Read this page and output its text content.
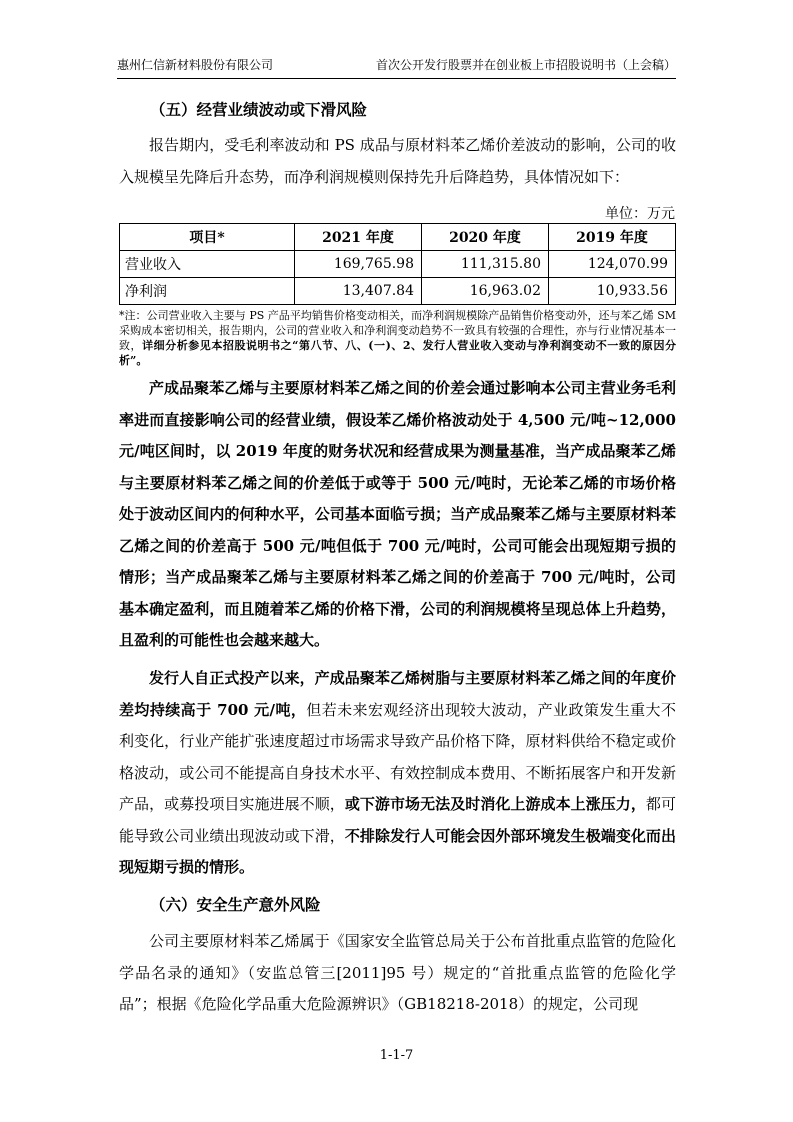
惠州仁信新材料股份有限公司	首次公开发行股票并在创业板上市招股说明书（上会稿）
（五）经营业绩波动或下滑风险

报告期内，受毛利率波动和 PS 成品与原材料苯乙烯价差波动的影响，公司的收入规模呈先降后升态势，而净利润规模则保持先升后降趋势，具体情况如下：

单位：万元
项目*	2021 年度	2020 年度	2019 年度
营业收入	169,765.98	111,315.80	124,070.99
净利润	13,407.84	16,963.02	10,933.56
*注：公司营业收入主要与 PS 产品平均销售价格变动相关，而净利润规模除产品销售价格变动外，还与苯乙烯 SM 采购成本密切相关，报告期内，公司的营业收入和净利润变动趋势不一致具有较强的合理性，亦与行业情况基本一致，详细分析参见本招股说明书之“第八节、八、(一)、2、发行人营业收入变动与净利润变动不一致的原因分析”。

产成品聚苯乙烯与主要原材料苯乙烯之间的价差会通过影响本公司主营业务毛利率进而直接影响公司的经营业绩，假设苯乙烯价格波动处于 4,500 元/吨~12,000 元/吨区间时，以 2019 年度的财务状况和经营成果为测量基准，当产成品聚苯乙烯与主要原材料苯乙烯之间的价差低于或等于 500 元/吨时，无论苯乙烯的市场价格处于波动区间内的何种水平，公司基本面临亏损；当产成品聚苯乙烯与主要原材料苯乙烯之间的价差高于 500 元/吨但低于 700 元/吨时，公司可能会出现短期亏损的情形；当产成品聚苯乙烯与主要原材料苯乙烯之间的价差高于 700 元/吨时，公司基本确定盈利，而且随着苯乙烯的价格下滑，公司的利润规模将呈现总体上升趋势，且盈利的可能性也会越来越大。

发行人自正式投产以来，产成品聚苯乙烯树脂与主要原材料苯乙烯之间的年度价差均持续高于 700 元/吨，但若未来宏观经济出现较大波动，产业政策发生重大不利变化，行业产能扩张速度超过市场需求导致产品价格下降，原材料供给不稳定或价格波动，或公司不能提高自身技术水平、有效控制成本费用、不断拓展客户和开发新产品，或募投项目实施进展不顺，或下游市场无法及时消化上游成本上涨压力，都可能导致公司业绩出现波动或下滑，不排除发行人可能会因外部环境发生极端变化而出现短期亏损的情形。

（六）安全生产意外风险

公司主要原材料苯乙烯属于《国家安全监管总局关于公布首批重点监管的危险化学品名录的通知》（安监总管三[2011]95 号）规定的“首批重点监管的危险化学品”；根据《危险化学品重大危险源辨识》（GB18218-2018）的规定，公司现

1-1-7
